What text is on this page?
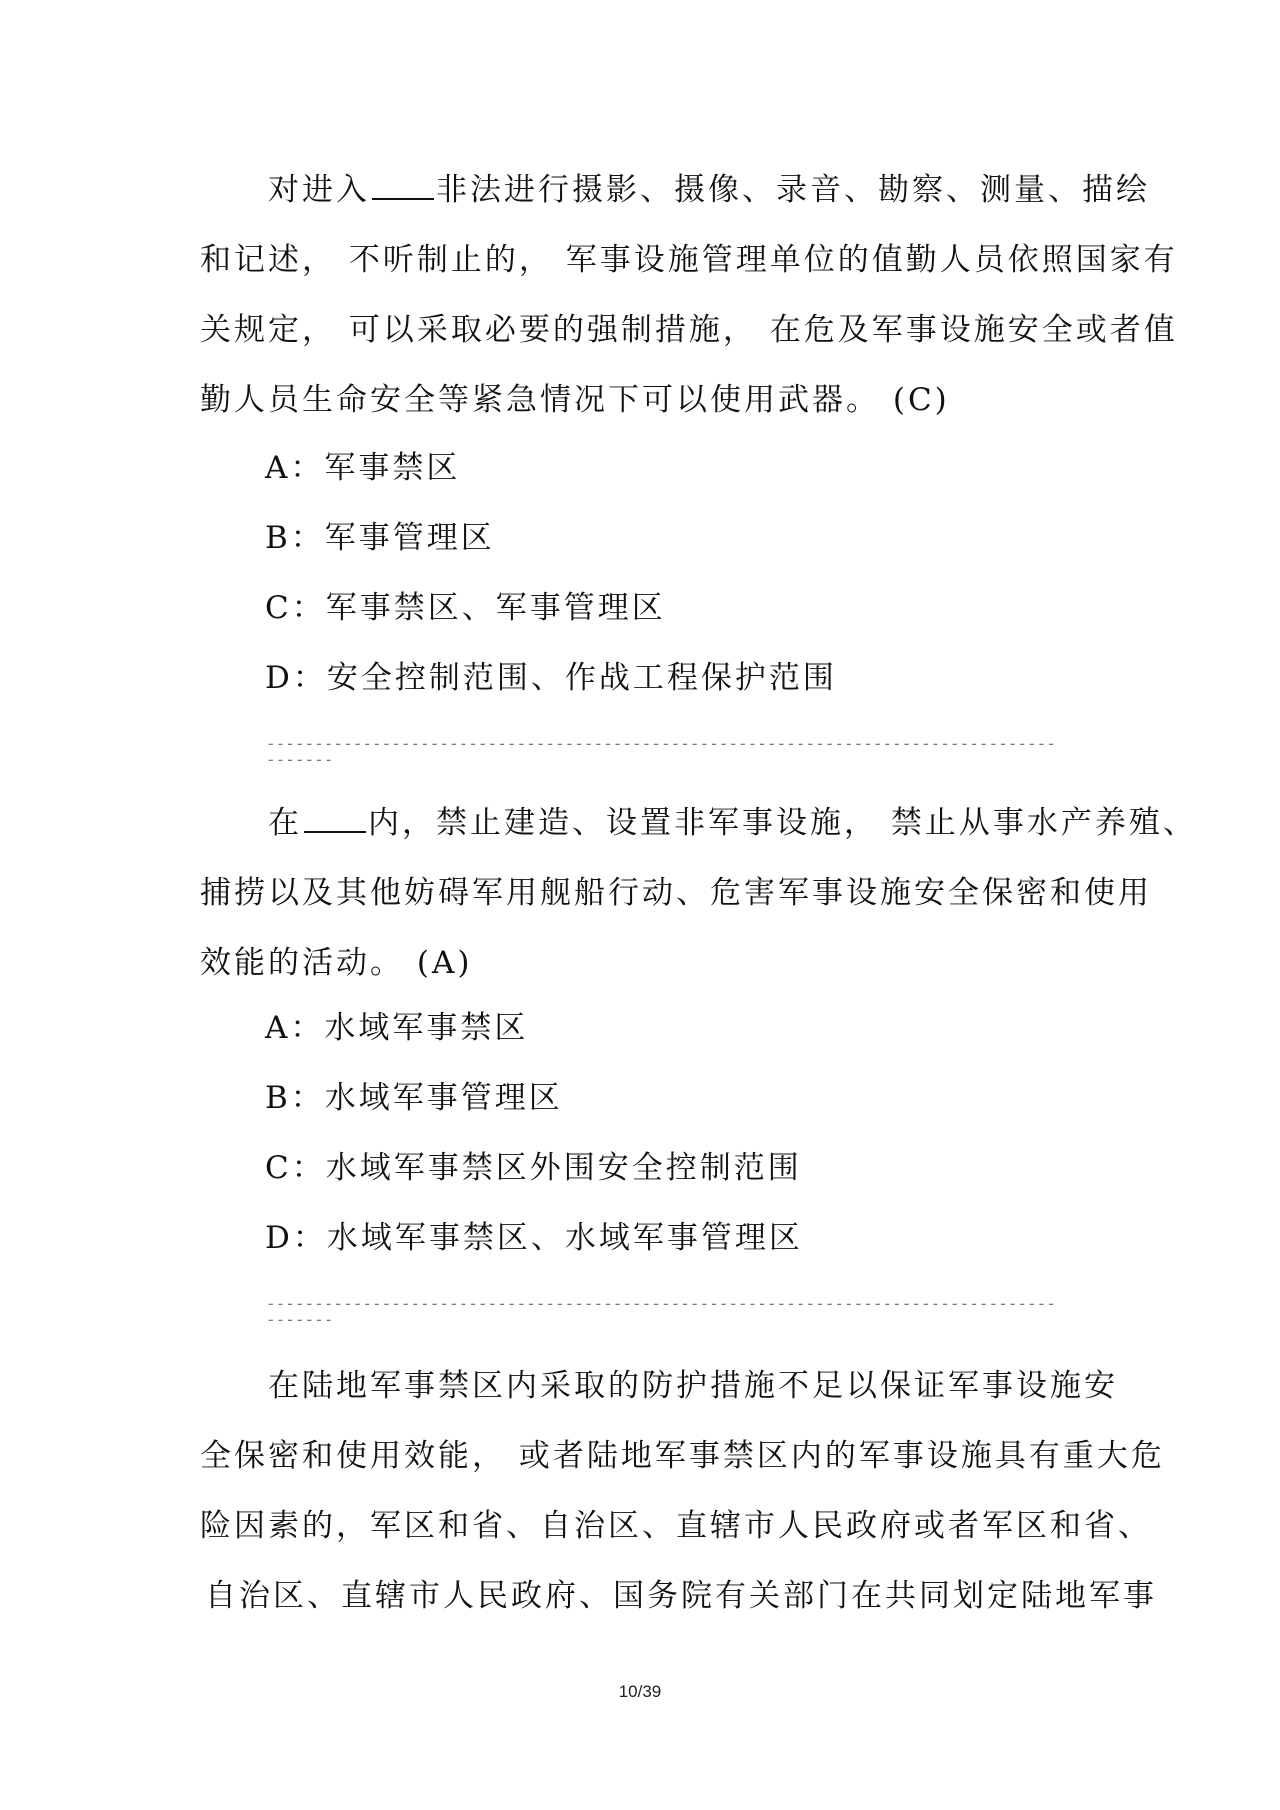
对进入 非法进行摄影、摄像、录音、勘察、测量、描绘
和记述， 不听制止的， 军事设施管理单位的值勤人员依照国家有
关规定， 可以采取必要的强制措施， 在危及军事设施安全或者值
勤人员生命安全等紧急情况下可以使用武器。 (C)
A：军事禁区
B：军事管理区
C：军事禁区、军事管理区
D：安全控制范围、作战工程保护范围
-----------------------------------------------------------------------------------------
在 内，禁止建造、设置非军事设施， 禁止从事水产养殖、
捕捞以及其他妨碍军用舰船行动、危害军事设施安全保密和使用
效能的活动。 (A)
A：水域军事禁区
B：水域军事管理区
C：水域军事禁区外围安全控制范围
D：水域军事禁区、水域军事管理区
-----------------------------------------------------------------------------------------
在陆地军事禁区内采取的防护措施不足以保证军事设施安
全保密和使用效能， 或者陆地军事禁区内的军事设施具有重大危
险因素的，军区和省、自治区、直辖市人民政府或者军区和省、
自治区、直辖市人民政府、国务院有关部门在共同划定陆地军事
10/39
